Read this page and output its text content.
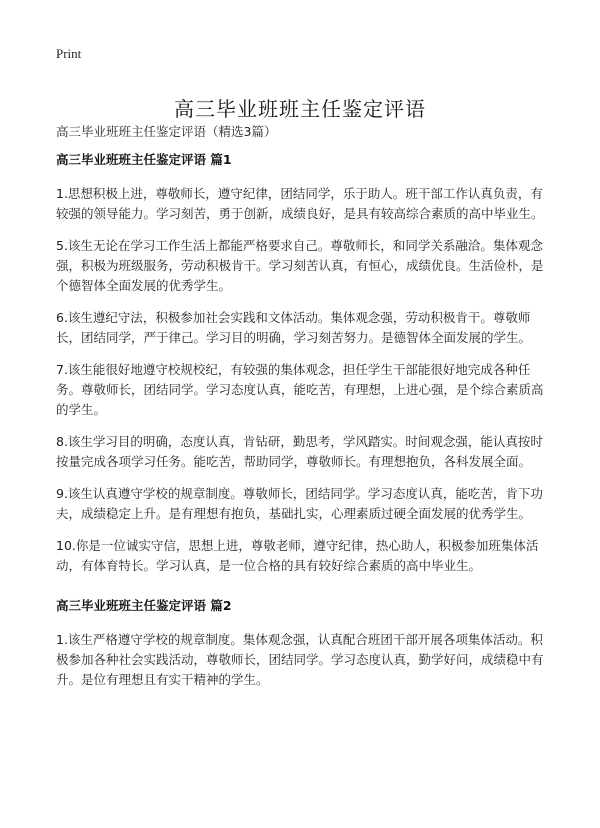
Print
高三毕业班班主任鉴定评语
高三毕业班班主任鉴定评语（精选3篇）
高三毕业班班主任鉴定评语 篇1

1.思想积极上进，尊敬师长，遵守纪律，团结同学，乐于助人。班干部工作认真负责，有较强的领导能力。学习刻苦，勇于创新，成绩良好，是具有较高综合素质的高中毕业生。

5.该生无论在学习工作生活上都能严格要求自己。尊敬师长，和同学关系融洽。集体观念强，积极为班级服务，劳动积极肯干。学习刻苦认真，有恒心，成绩优良。生活俭朴，是个德智体全面发展的优秀学生。

6.该生遵纪守法，积极参加社会实践和文体活动。集体观念强，劳动积极肯干。尊敬师长，团结同学，严于律己。学习目的明确，学习刻苦努力。是德智体全面发展的学生。

7.该生能很好地遵守校规校纪，有较强的集体观念，担任学生干部能很好地完成各种任务。尊敬师长，团结同学。学习态度认真，能吃苦，有理想，上进心强，是个综合素质高的学生。

8.该生学习目的明确，态度认真，肯钻研，勤思考，学风踏实。时间观念强，能认真按时按量完成各项学习任务。能吃苦，帮助同学，尊敬师长。有理想抱负，各科发展全面。

9.该生认真遵守学校的规章制度。尊敬师长，团结同学。学习态度认真，能吃苦，肯下功夫，成绩稳定上升。是有理想有抱负，基础扎实，心理素质过硬全面发展的优秀学生。

10.你是一位诚实守信，思想上进，尊敬老师，遵守纪律，热心助人，积极参加班集体活动，有体育特长。学习认真，是一位合格的具有较好综合素质的高中毕业生。

高三毕业班班主任鉴定评语 篇2

1.该生严格遵守学校的规章制度。集体观念强，认真配合班团干部开展各项集体活动。积极参加各种社会实践活动，尊敬师长，团结同学。学习态度认真，勤学好问，成绩稳中有升。是位有理想且有实干精神的学生。
